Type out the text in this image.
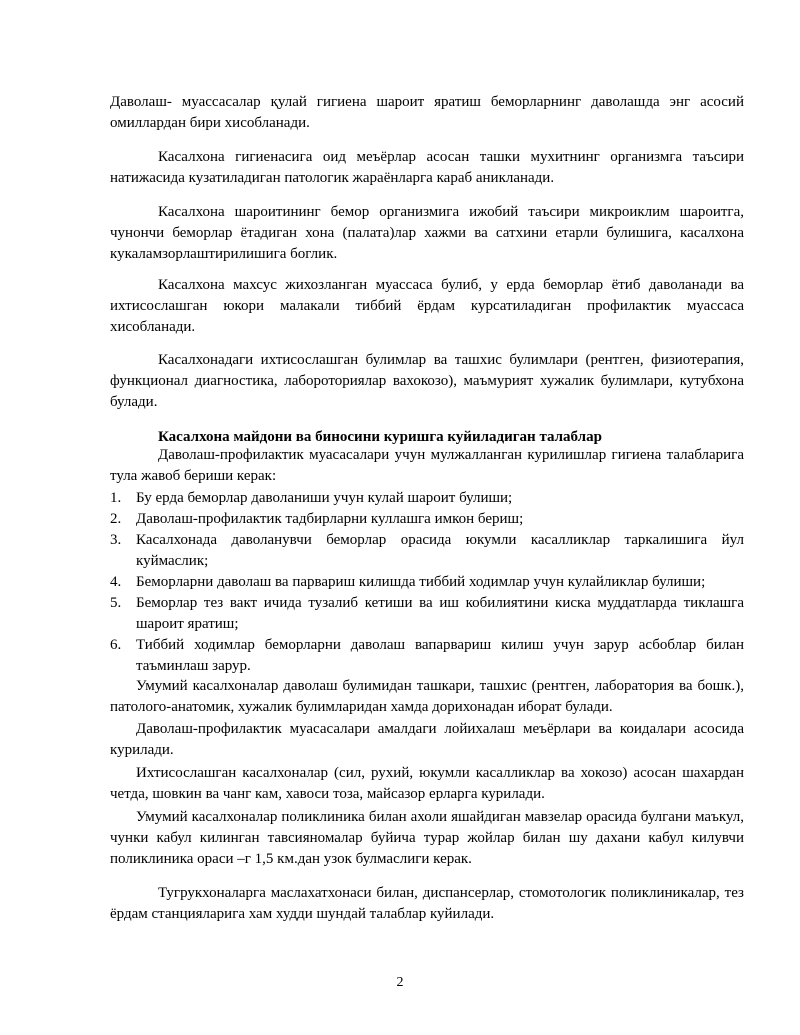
Даволаш- муассасалар қулай гигиена шароит яратиш беморларнинг даволашда энг асосий омиллардан бири хисобланади.

Касалхона гигиенасига оид меъёрлар асосан ташки мухитнинг организмга таъсири натижасида кузатиладиган патологик жараёнларга караб аникланади.

Касалхона шароитининг бемор организмига ижобий таъсири микроиклим шароитга, чунончи беморлар ётадиган хона (палата)лар хажми ва сатхини етарли булишига, касалхона кукаламзорлаштирилишига боглик.

Касалхона махсус жихозланган муассаса булиб, у ерда беморлар ётиб даволанади ва ихтисослашган юкори малакали тиббий ёрдам курсатиладиган профилактик муассаса хисобланади.

Касалхонадаги ихтисослашган булимлар ва ташхис булимлари (рентген, физиотерапия, функционал диагностика, лабороториялар вахокозо), маъмурият хужалик булимлари, кутубхона булади.

Касалхона майдони ва биносини куришга куйиладиган талаблар

Даволаш-профилактик муасасалари учун мулжалланган курилишлар гигиена талабларига тула жавоб бериши керак:

1. Бу ерда беморлар даволаниши учун кулай шароит булиши;
2. Даволаш-профилактик тадбирларни куллашга имкон бериш;
3. Касалхонада даволанувчи беморлар орасида юкумли касалликлар таркалишига йул куймаслик;
4. Беморларни даволаш ва парвариш килишда тиббий ходимлар учун кулайликлар булиши;
5. Беморлар тез вакт ичида тузалиб кетиши ва иш кобилиятини киска муддатларда тиклашга шароит яратиш;
6. Тиббий ходимлар беморларни даволаш вапарвариш килиш учун зарур асбоблар билан таъминлаш зарур.

Умумий касалхоналар даволаш булимидан ташкари, ташхис (рентген, лаборатория ва бошк.), патолого-анатомик, хужалик булимларидан хамда дорихонадан иборат булади.

Даволаш-профилактик муасасалари амалдаги лойихалаш меъёрлари ва коидалари асосида курилади.

Ихтисослашган касалхоналар (сил, рухий, юкумли касалликлар ва хокозо) асосан шахардан четда, шовкин ва чанг кам, хавоси тоза, майсазор ерларга курилади.

Умумий касалхоналар поликлиника билан ахоли яшайдиган мавзелар орасида булгани маъкул, чунки кабул килинган тавсияномалар буйича турар жойлар билан шу дахани кабул килувчи поликлиника ораси –г 1,5 км.дан узок булмаслиги керак.

Тугрукхоналарга маслахатхонаси билан, диспансерлар, стомотологик поликлиникалар, тез ёрдам станцияларига хам худди шундай талаблар куйилади.

2
